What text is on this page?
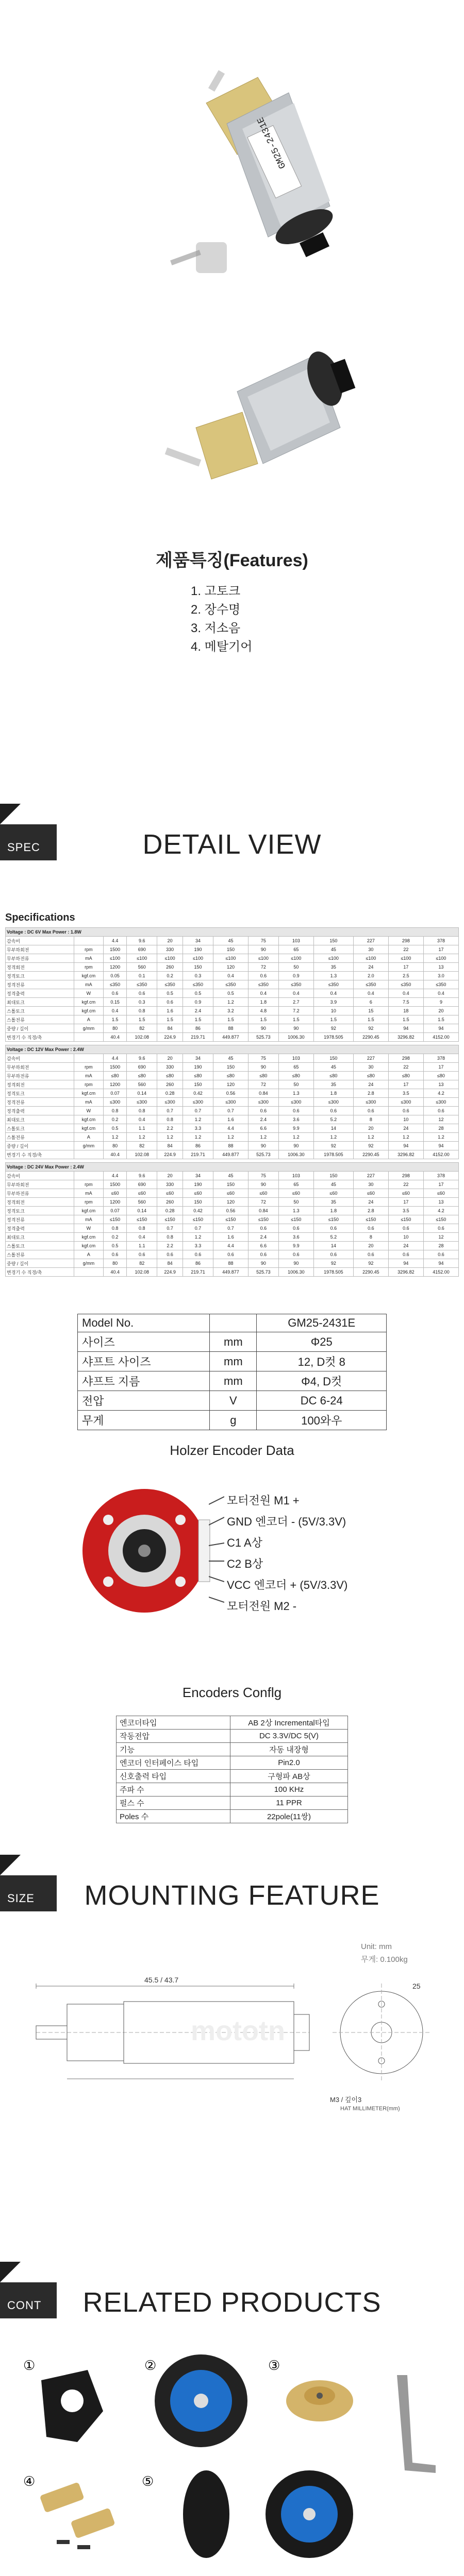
GM25-2431E
제품특징(Features)
1. 고토크
2. 장수명
3. 저소음
4. 메탈기어
SPEC	DETAIL VIEW
Specifications
Voltage : DC 6V Max Power : 1.8W												
감속비		4.4	9.6	20	34	45	75	103	150	227	298	378
무부하회전	rpm	1500	690	330	190	150	90	65	45	30	22	17
무부하전류	mA	≤100	≤100	≤100	≤100	≤100	≤100	≤100	≤100	≤100	≤100	≤100
정격회전	rpm	1200	560	260	150	120	72	50	35	24	17	13
정격토크	kgf.cm	0.05	0.1	0.2	0.3	0.4	0.6	0.9	1.3	2.0	2.5	3.0
정격전류	mA	≤350	≤350	≤350	≤350	≤350	≤350	≤350	≤350	≤350	≤350	≤350
정격출력	W	0.6	0.6	0.5	0.5	0.5	0.4	0.4	0.4	0.4	0.4	0.4
최대토크	kgf.cm	0.15	0.3	0.6	0.9	1.2	1.8	2.7	3.9	6	7.5	9
스톨토크	kgf.cm	0.4	0.8	1.6	2.4	3.2	4.8	7.2	10	15	18	20
스톨전류	A	1.5	1.5	1.5	1.5	1.5	1.5	1.5	1.5	1.5	1.5	1.5
중량 / 길이	g/mm	80	82	84	86	88	90	90	92	92	94	94
변경기 수 직경/축		40.4	102.08	224.9	219.71	449.877	525.73	1006.30	1978.505	2290.45	3296.82	4152.00
Voltage : DC 12V Max Power : 2.4W												
감속비		4.4	9.6	20	34	45	75	103	150	227	298	378
무부하회전	rpm	1500	690	330	190	150	90	65	45	30	22	17
무부하전류	mA	≤80	≤80	≤80	≤80	≤80	≤80	≤80	≤80	≤80	≤80	≤80
정격회전	rpm	1200	560	260	150	120	72	50	35	24	17	13
정격토크	kgf.cm	0.07	0.14	0.28	0.42	0.56	0.84	1.3	1.8	2.8	3.5	4.2
정격전류	mA	≤300	≤300	≤300	≤300	≤300	≤300	≤300	≤300	≤300	≤300	≤300
정격출력	W	0.8	0.8	0.7	0.7	0.7	0.6	0.6	0.6	0.6	0.6	0.6
최대토크	kgf.cm	0.2	0.4	0.8	1.2	1.6	2.4	3.6	5.2	8	10	12
스톨토크	kgf.cm	0.5	1.1	2.2	3.3	4.4	6.6	9.9	14	20	24	28
스톨전류	A	1.2	1.2	1.2	1.2	1.2	1.2	1.2	1.2	1.2	1.2	1.2
중량 / 길이	g/mm	80	82	84	86	88	90	90	92	92	94	94
변경기 수 직경/축		40.4	102.08	224.9	219.71	449.877	525.73	1006.30	1978.505	2290.45	3296.82	4152.00
Voltage : DC 24V Max Power : 2.4W												
감속비		4.4	9.6	20	34	45	75	103	150	227	298	378
무부하회전	rpm	1500	690	330	190	150	90	65	45	30	22	17
무부하전류	mA	≤60	≤60	≤60	≤60	≤60	≤60	≤60	≤60	≤60	≤60	≤60
정격회전	rpm	1200	560	260	150	120	72	50	35	24	17	13
정격토크	kgf.cm	0.07	0.14	0.28	0.42	0.56	0.84	1.3	1.8	2.8	3.5	4.2
정격전류	mA	≤150	≤150	≤150	≤150	≤150	≤150	≤150	≤150	≤150	≤150	≤150
정격출력	W	0.8	0.8	0.7	0.7	0.7	0.6	0.6	0.6	0.6	0.6	0.6
최대토크	kgf.cm	0.2	0.4	0.8	1.2	1.6	2.4	3.6	5.2	8	10	12
스톨토크	kgf.cm	0.5	1.1	2.2	3.3	4.4	6.6	9.9	14	20	24	28
스톨전류	A	0.6	0.6	0.6	0.6	0.6	0.6	0.6	0.6	0.6	0.6	0.6
중량 / 길이	g/mm	80	82	84	86	88	90	90	92	92	94	94
변경기 수 직경/축		40.4	102.08	224.9	219.71	449.877	525.73	1006.30	1978.505	2290.45	3296.82	4152.00
Model No.		GM25-2431E
사이즈	mm	Φ25
샤프트 사이즈	mm	12, D컷 8
샤프트 지름	mm	Φ4, D컷
전압	V	DC 6-24
무게	g	100와우
Holzer Encoder Data
모터전원 M1 +
GND 엔코더 - (5V/3.3V)
C1 A상
C2 B상
VCC 엔코더 + (5V/3.3V)
모터전원 M2 -
Encoders Conflg
엔코더타입	AB 2상 Incremental타입
작동전압	DC 3.3V/DC 5(V)
기능	자동 내장형
엔코더 인터페이스 타입	Pin2.0
신호출력 타입	구형파 AB상
주파 수	100 KHz
펄스 수	11 PPR
Poles 수	22pole(11쌍)
SIZE	MOUNTING FEATURE
Unit: mm
무게: 0.100kg
45.5 / 43.7
25
M3 / 깊이3
HAT MILLIMETER(mm)
mototn
CONT	RELATED PRODUCTS
①	②	③
④	⑤
